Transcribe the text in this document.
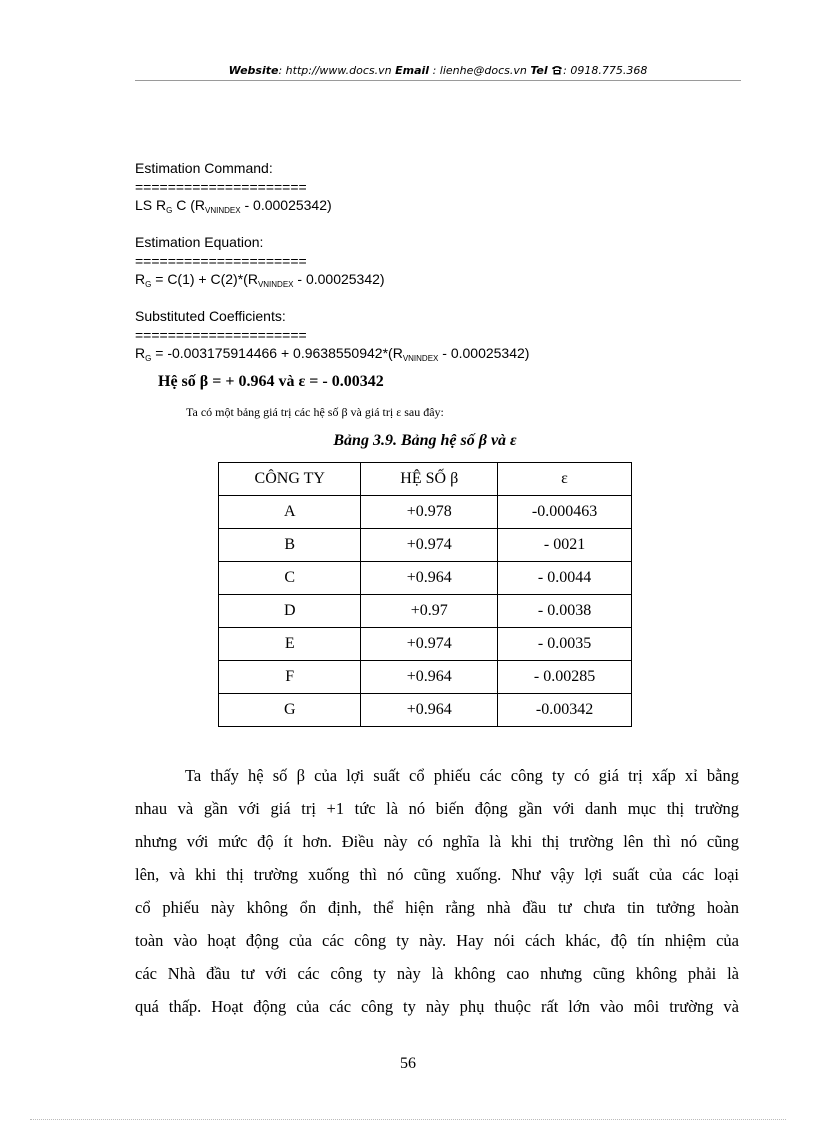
Website: http://www.docs.vn Email : lienhe@docs.vn Tel : 0918.775.368
Estimation Command:
=====================
LS $R_G$ C $(R_{VNINDEX} - 0.00025342)$
Estimation Equation:
=====================
$R_G = C(1) + C(2)*(R_{VNINDEX} - 0.00025342)$
Substituted Coefficients:
=====================
$R_G = -0.003175914466 + 0.9638550942*(R_{VNINDEX} - 0.00025342)$
Hệ số β = + 0.964 và ε = - 0.00342
Ta có một bảng giá trị các hệ số β và giá trị ε sau đây:
Bảng 3.9. Bảng hệ số β và ε
CÔNG TY	HỆ SỐ β	ε
A	+0.978	-0.000463
B	+0.974	- 0021
C	+0.964	- 0.0044
D	+0.97	- 0.0038
E	+0.974	- 0.0035
F	+0.964	- 0.00285
G	+0.964	-0.00342
Ta thấy hệ số β của lợi suất cổ phiếu các công ty có giá trị xấp xỉ bằng
nhau và gần với giá trị +1 tức là nó biến động gần với danh mục thị trường
nhưng với mức độ ít hơn. Điều này có nghĩa là khi thị trường lên thì nó cũng
lên, và khi thị trường xuống thì nó cũng xuống. Như vậy lợi suất của các loại
cổ phiếu này không ổn định, thể hiện rằng nhà đầu tư chưa tin tưởng hoàn
toàn vào hoạt động của các công ty này. Hay nói cách khác, độ tín nhiệm của
các Nhà đầu tư với các công ty này là không cao nhưng cũng không phải là
quá thấp. Hoạt động của các công ty này phụ thuộc rất lớn vào môi trường và
56
